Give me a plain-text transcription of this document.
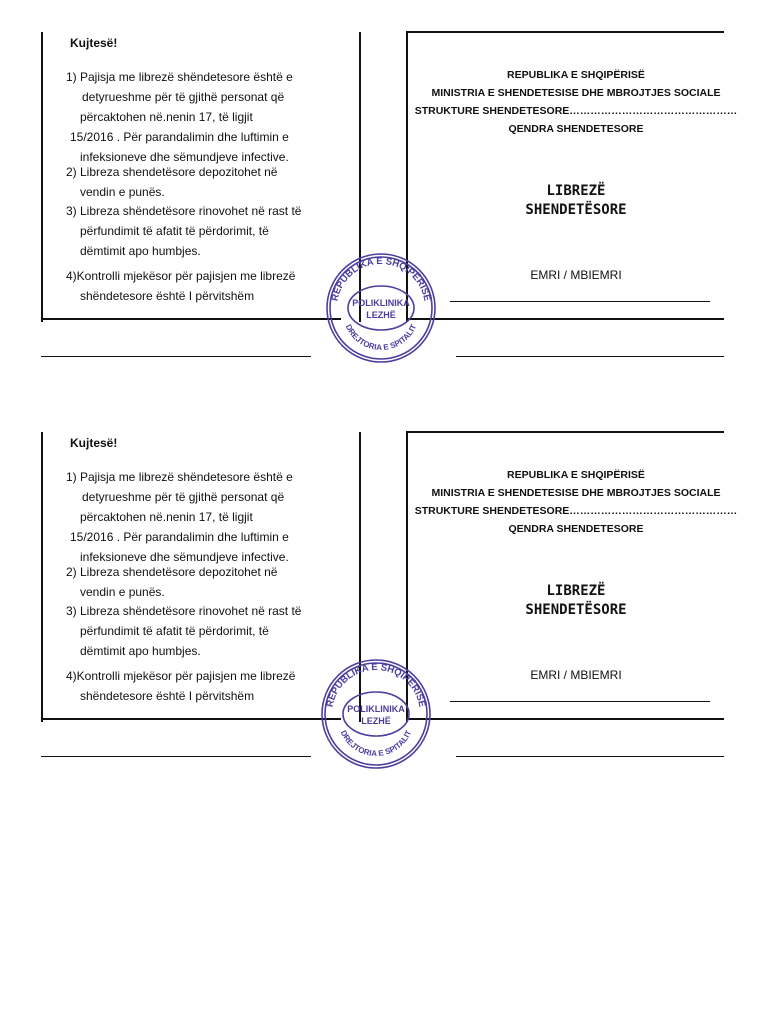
Kujtesë!
1) Pajisja me librezë shëndetesore është e
detyrueshme për të gjithë personat që
përcaktohen në.nenin 17, të ligjit
15/2016 . Për parandalimin dhe luftimin e
infeksioneve dhe sëmundjeve infective.
2) Libreza shendetësore depozitohet në
vendin e punës.
3) Libreza shëndetësore rinovohet në rast të
përfundimit të afatit të përdorimit, të
dëmtimit apo humbjes.
4)Kontrolli mjekësor për pajisjen me librezë
shëndetesore është I përvitshëm
REPUBLIKA E SHQIPËRISË
MINISTRIA E SHENDETESISE DHE MBROJTJES SOCIALE
STRUKTURE SHENDETESORE…………………………………………
QENDRA SHENDETESORE
LIBREZË
SHENDETËSORE
EMRI / MBIEMRI
REPUBLIKA E SHQIPËRISË
DREJTORIA E SPITALIT
POLIKLINIKA
LEZHË
Kujtesë!
1) Pajisja me librezë shëndetesore është e
detyrueshme për të gjithë personat që
përcaktohen në.nenin 17, të ligjit
15/2016 . Për parandalimin dhe luftimin e
infeksioneve dhe sëmundjeve infective.
2) Libreza shendetësore depozitohet në
vendin e punës.
3) Libreza shëndetësore rinovohet në rast të
përfundimit të afatit të përdorimit, të
dëmtimit apo humbjes.
4)Kontrolli mjekësor për pajisjen me librezë
shëndetesore është I përvitshëm
REPUBLIKA E SHQIPËRISË
MINISTRIA E SHENDETESISE DHE MBROJTJES SOCIALE
STRUKTURE SHENDETESORE…………………………………………
QENDRA SHENDETESORE
LIBREZË
SHENDETËSORE
EMRI / MBIEMRI
REPUBLIKA E SHQIPËRISË
DREJTORIA E SPITALIT
POLIKLINIKA
LEZHË
